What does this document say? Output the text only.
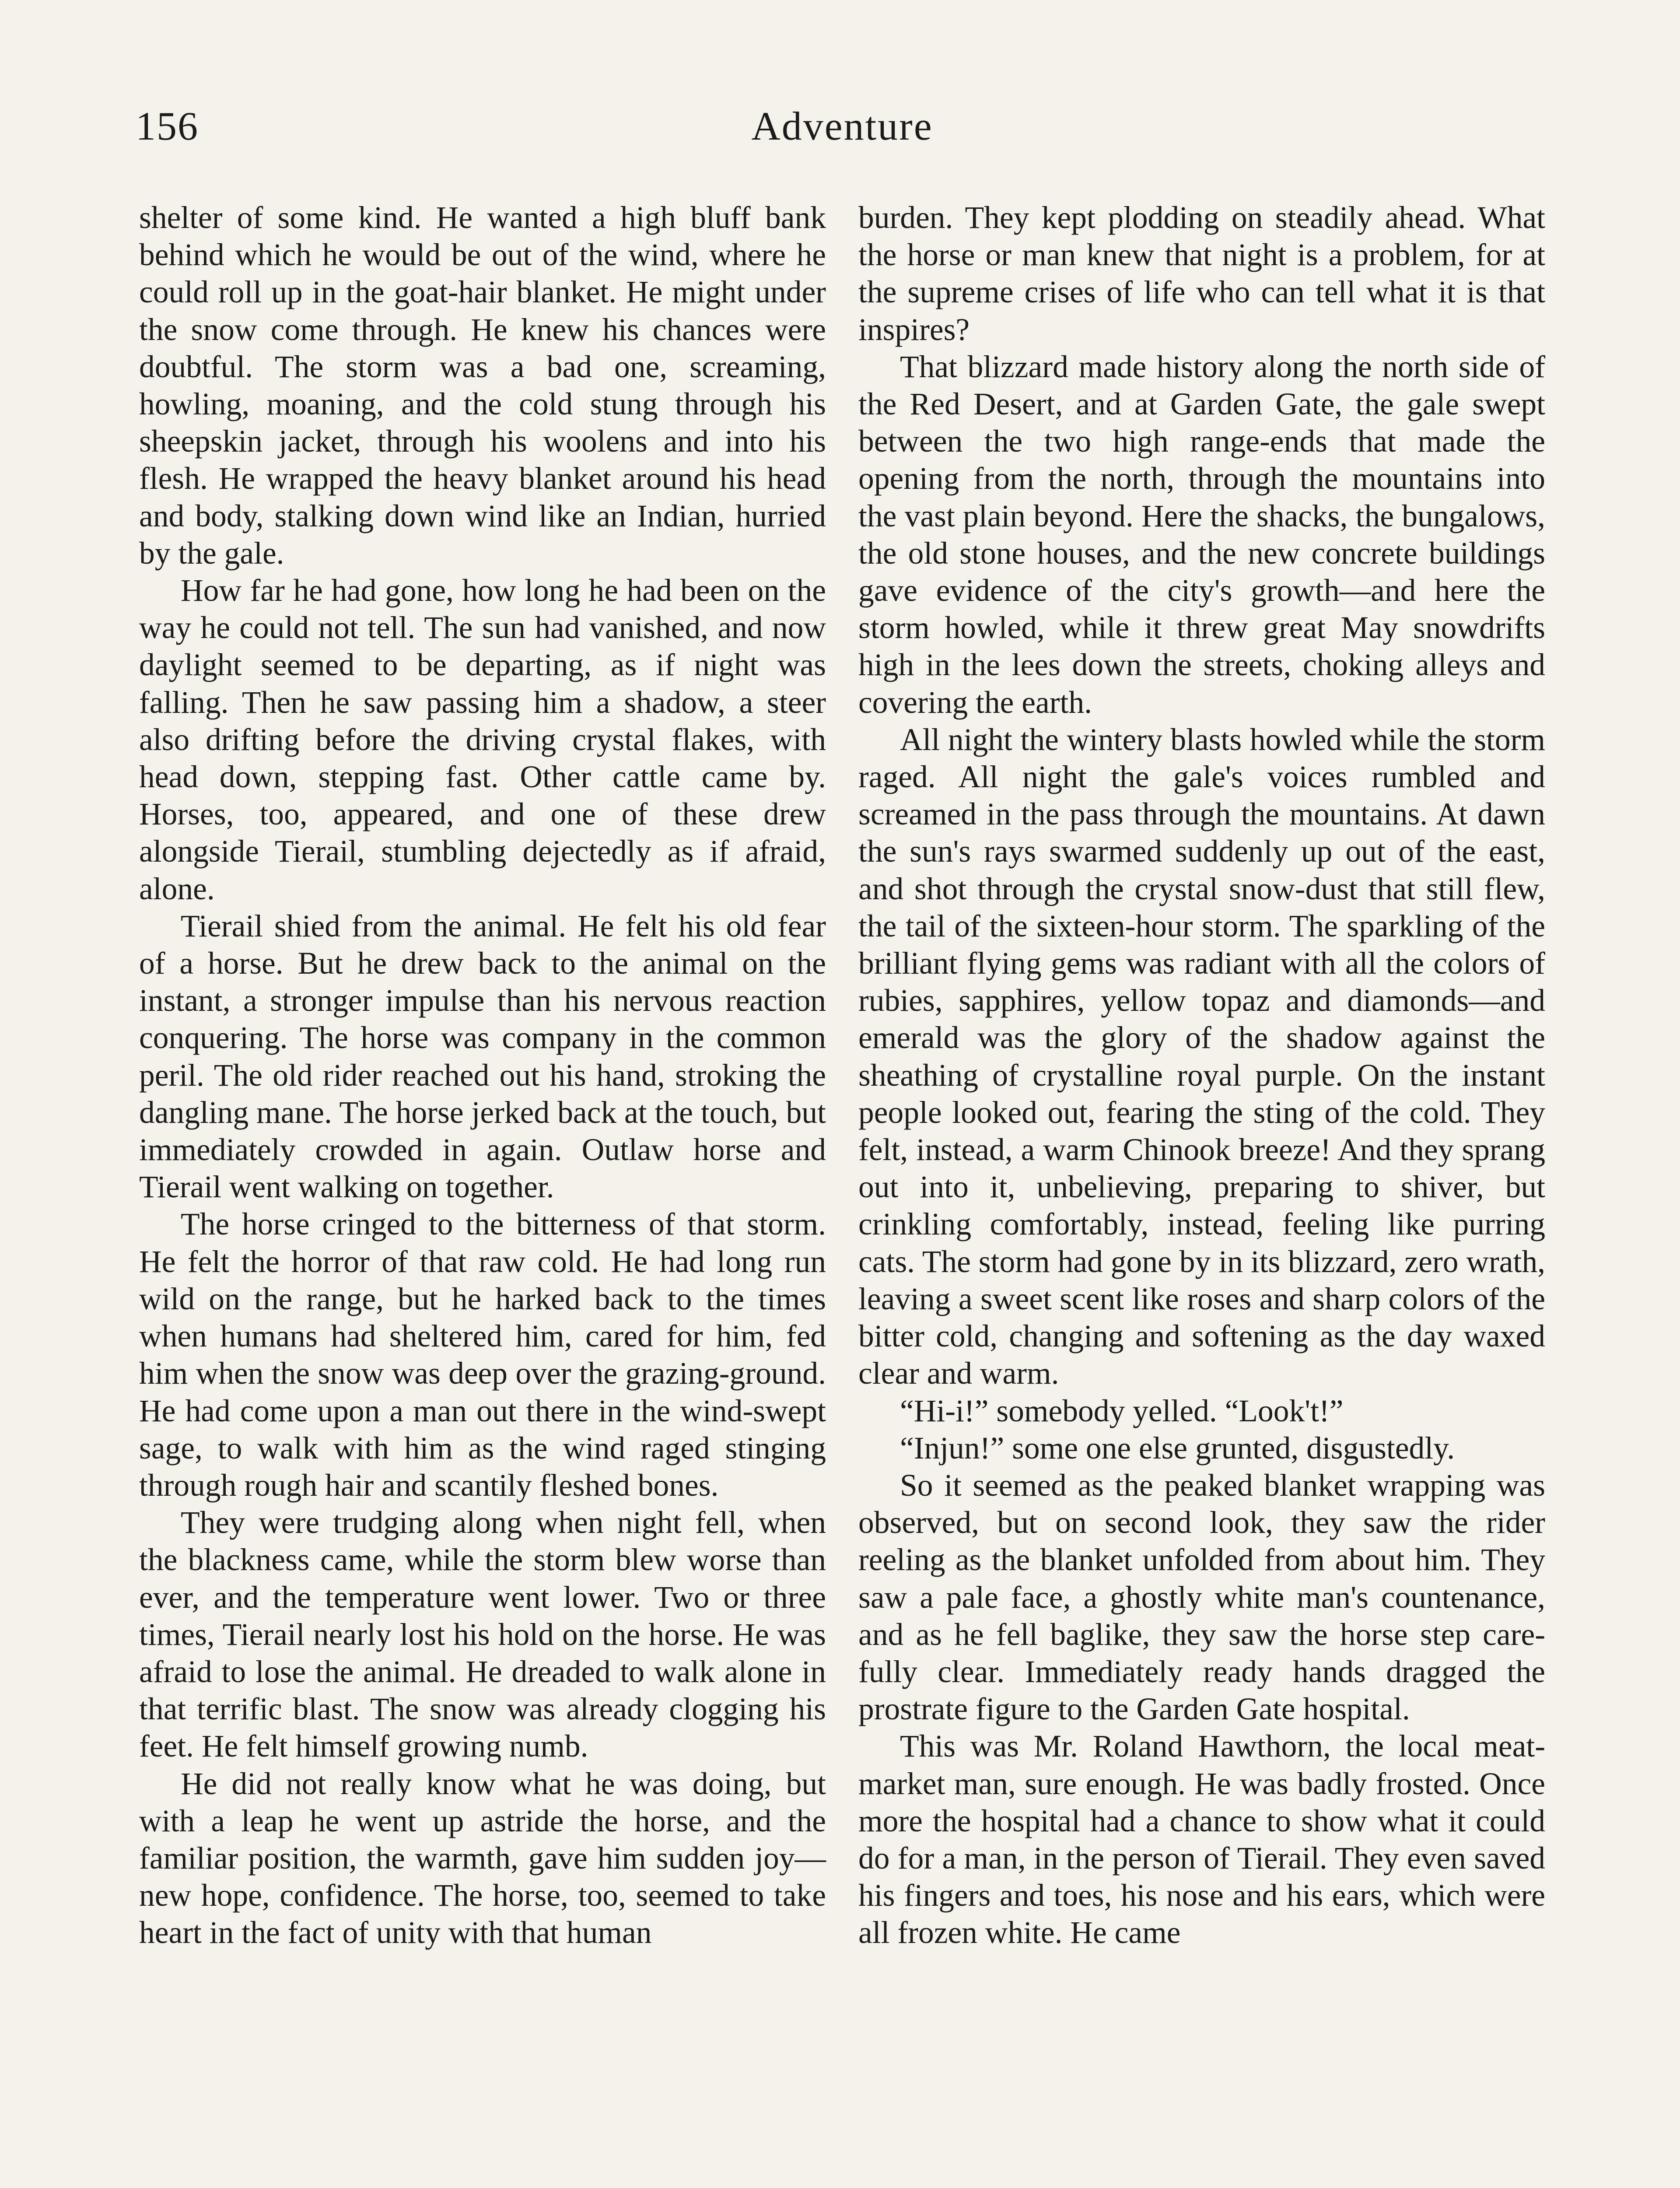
156	Adventure

shelter of some kind. He wanted a high bluff bank behind which he would be out of the wind, where he could roll up in the goat-hair blanket. He might under the snow come through. He knew his chances were doubtful. The storm was a bad one, screaming, howling, moaning, and the cold stung through his sheepskin jacket, through his woolens and into his flesh. He wrapped the heavy blanket around his head and body, stalking down wind like an Indian, hurried by the gale.

How far he had gone, how long he had been on the way he could not tell. The sun had vanished, and now daylight seemed to be departing, as if night was falling. Then he saw passing him a shadow, a steer also drifting before the driving crystal flakes, with head down, stepping fast. Other cattle came by. Horses, too, appeared, and one of these drew alongside Tierail, stumbling dejectedly as if afraid, alone.

Tierail shied from the animal. He felt his old fear of a horse. But he drew back to the animal on the instant, a stronger impulse than his nervous reaction conquering. The horse was company in the common peril. The old rider reached out his hand, stroking the dangling mane. The horse jerked back at the touch, but immediately crowded in again. Outlaw horse and Tierail went walking on together.

The horse cringed to the bitterness of that storm. He felt the horror of that raw cold. He had long run wild on the range, but he harked back to the times when humans had sheltered him, cared for him, fed him when the snow was deep over the grazing-ground. He had come upon a man out there in the wind-swept sage, to walk with him as the wind raged stinging through rough hair and scantily fleshed bones.

They were trudging along when night fell, when the blackness came, while the storm blew worse than ever, and the temperature went lower. Two or three times, Tierail nearly lost his hold on the horse. He was afraid to lose the animal. He dreaded to walk alone in that terrific blast. The snow was already clogging his feet. He felt himself growing numb.

He did not really know what he was doing, but with a leap he went up astride the horse, and the familiar position, the warmth, gave him sudden joy—new hope, confidence. The horse, too, seemed to take heart in the fact of unity with that human

burden. They kept plodding on steadily ahead. What the horse or man knew that night is a problem, for at the supreme crises of life who can tell what it is that inspires?

That blizzard made history along the north side of the Red Desert, and at Garden Gate, the gale swept between the two high range-ends that made the opening from the north, through the mountains into the vast plain beyond. Here the shacks, the bungalows, the old stone houses, and the new concrete buildings gave evidence of the city's growth—and here the storm howled, while it threw great May snowdrifts high in the lees down the streets, choking alleys and covering the earth.

All night the wintery blasts howled while the storm raged. All night the gale's voices rumbled and screamed in the pass through the mountains. At dawn the sun's rays swarmed suddenly up out of the east, and shot through the crystal snow-dust that still flew, the tail of the sixteen-hour storm. The sparkling of the brilliant flying gems was radiant with all the colors of rubies, sapphires, yellow topaz and diamonds—and emerald was the glory of the shadow against the sheathing of crystalline royal purple. On the instant people looked out, fearing the sting of the cold. They felt, instead, a warm Chinook breeze! And they sprang out into it, unbelieving, preparing to shiver, but crinkling comfortably, instead, feeling like purring cats. The storm had gone by in its blizzard, zero wrath, leaving a sweet scent like roses and sharp colors of the bitter cold, changing and softening as the day waxed clear and warm.

“Hi-i!” somebody yelled. “Look't!”

“Injun!” some one else grunted, disgustedly.

So it seemed as the peaked blanket wrapping was observed, but on second look, they saw the rider reeling as the blanket unfolded from about him. They saw a pale face, a ghostly white man's countenance, and as he fell baglike, they saw the horse step carefully clear. Immediately ready hands dragged the prostrate figure to the Garden Gate hospital.

This was Mr. Roland Hawthorn, the local meat-market man, sure enough. He was badly frosted. Once more the hospital had a chance to show what it could do for a man, in the person of Tierail. They even saved his fingers and toes, his nose and his ears, which were all frozen white. He came
